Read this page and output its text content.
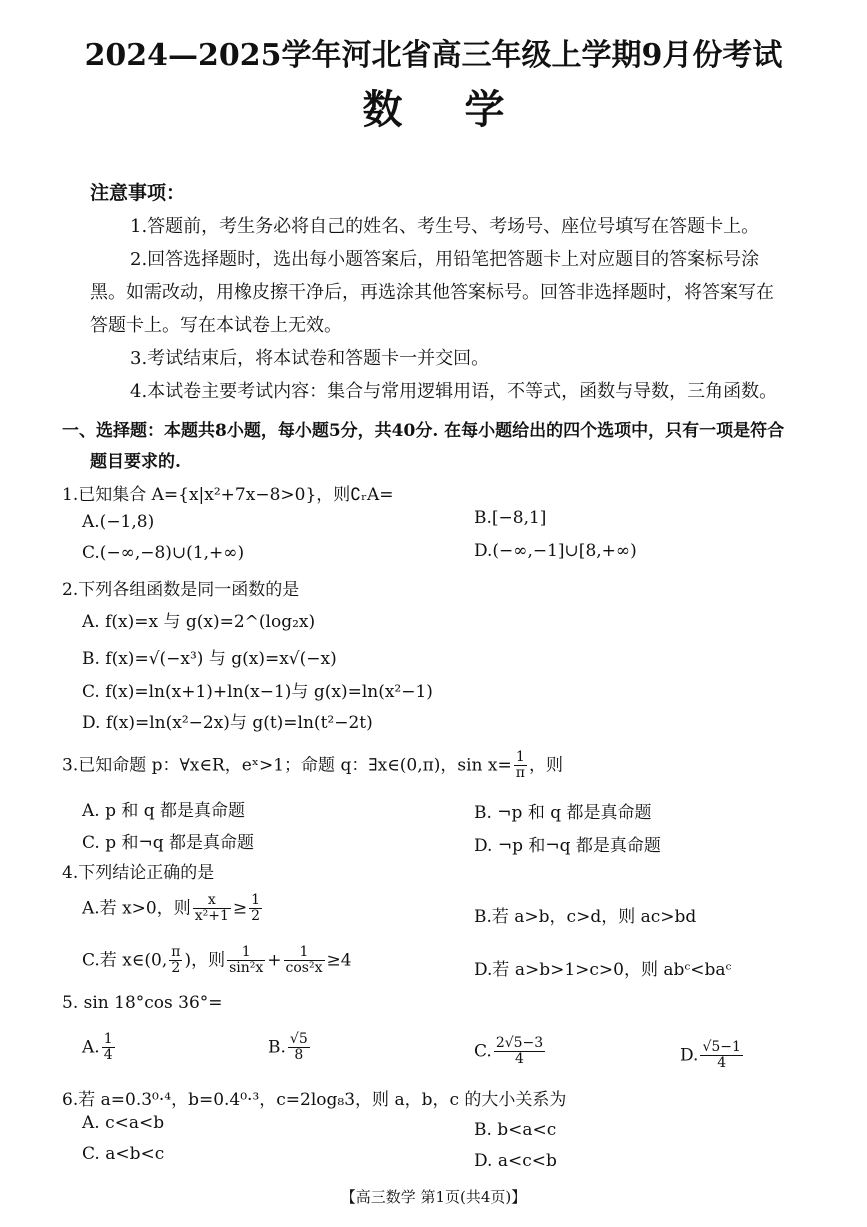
2024—2025学年河北省高三年级上学期9月份考试
数学
注意事项：
1.答题前，考生务必将自己的姓名、考生号、考场号、座位号填写在答题卡上。
2.回答选择题时，选出每小题答案后，用铅笔把答题卡上对应题目的答案标号涂
黑。如需改动，用橡皮擦干净后，再选涂其他答案标号。回答非选择题时，将答案写在
答题卡上。写在本试卷上无效。
3.考试结束后，将本试卷和答题卡一并交回。
4.本试卷主要考试内容：集合与常用逻辑用语，不等式，函数与导数，三角函数。
一、选择题：本题共8小题，每小题5分，共40分. 在每小题给出的四个选项中，只有一项是符合
题目要求的.
1.已知集合 A={x|x²+7x−8>0}，则∁ᵣA=
A.(−1,8)	B.[−8,1]
C.(−∞,−8)∪(1,+∞)	D.(−∞,−1]∪[8,+∞)
2.下列各组函数是同一函数的是
A. f(x)=x 与 g(x)=2^(log₂x)
B. f(x)=√(−x³) 与 g(x)=x√(−x)
C. f(x)=ln(x+1)+ln(x−1)与 g(x)=ln(x²−1)
D. f(x)=ln(x²−2x)与 g(t)=ln(t²−2t)
3.已知命题 p：∀x∈R，eˣ>1；命题 q：∃x∈(0,π)，$\sin x= \frac{1}{\pi}$ ，则
A. p 和 q 都是真命题	B. ¬p 和 q 都是真命题
C. p 和¬q 都是真命题	D. ¬p 和¬q 都是真命题
4.下列结论正确的是
A.若 x>0，则 $\frac{x}{\text{x²+1}} \ge \frac{1}{2}$	B.若 a>b，c>d，则 ac>bd
C.若 x∈(0, $\frac{\pi}{2}$ )，则 $\frac{1}{\text{sin²x}} + \frac{1}{\text{cos²x}} \ge 4$	D.若 a>b>1>c>0，则 abᶜ<baᶜ
5. sin 18°cos 36°=
A. $\frac{1}{4}$	B. $\frac{√5}{8}$	C. $\frac{2√5-3}{4}$	D. $\frac{√5-1}{4}$
6.若 a=0.3⁰·⁴，b=0.4⁰·³，c=2log₈3，则 a，b，c 的大小关系为
A. c<a<b	B. b<a<c
C. a<b<c	D. a<c<b
【高三数学 第1页(共4页)】
